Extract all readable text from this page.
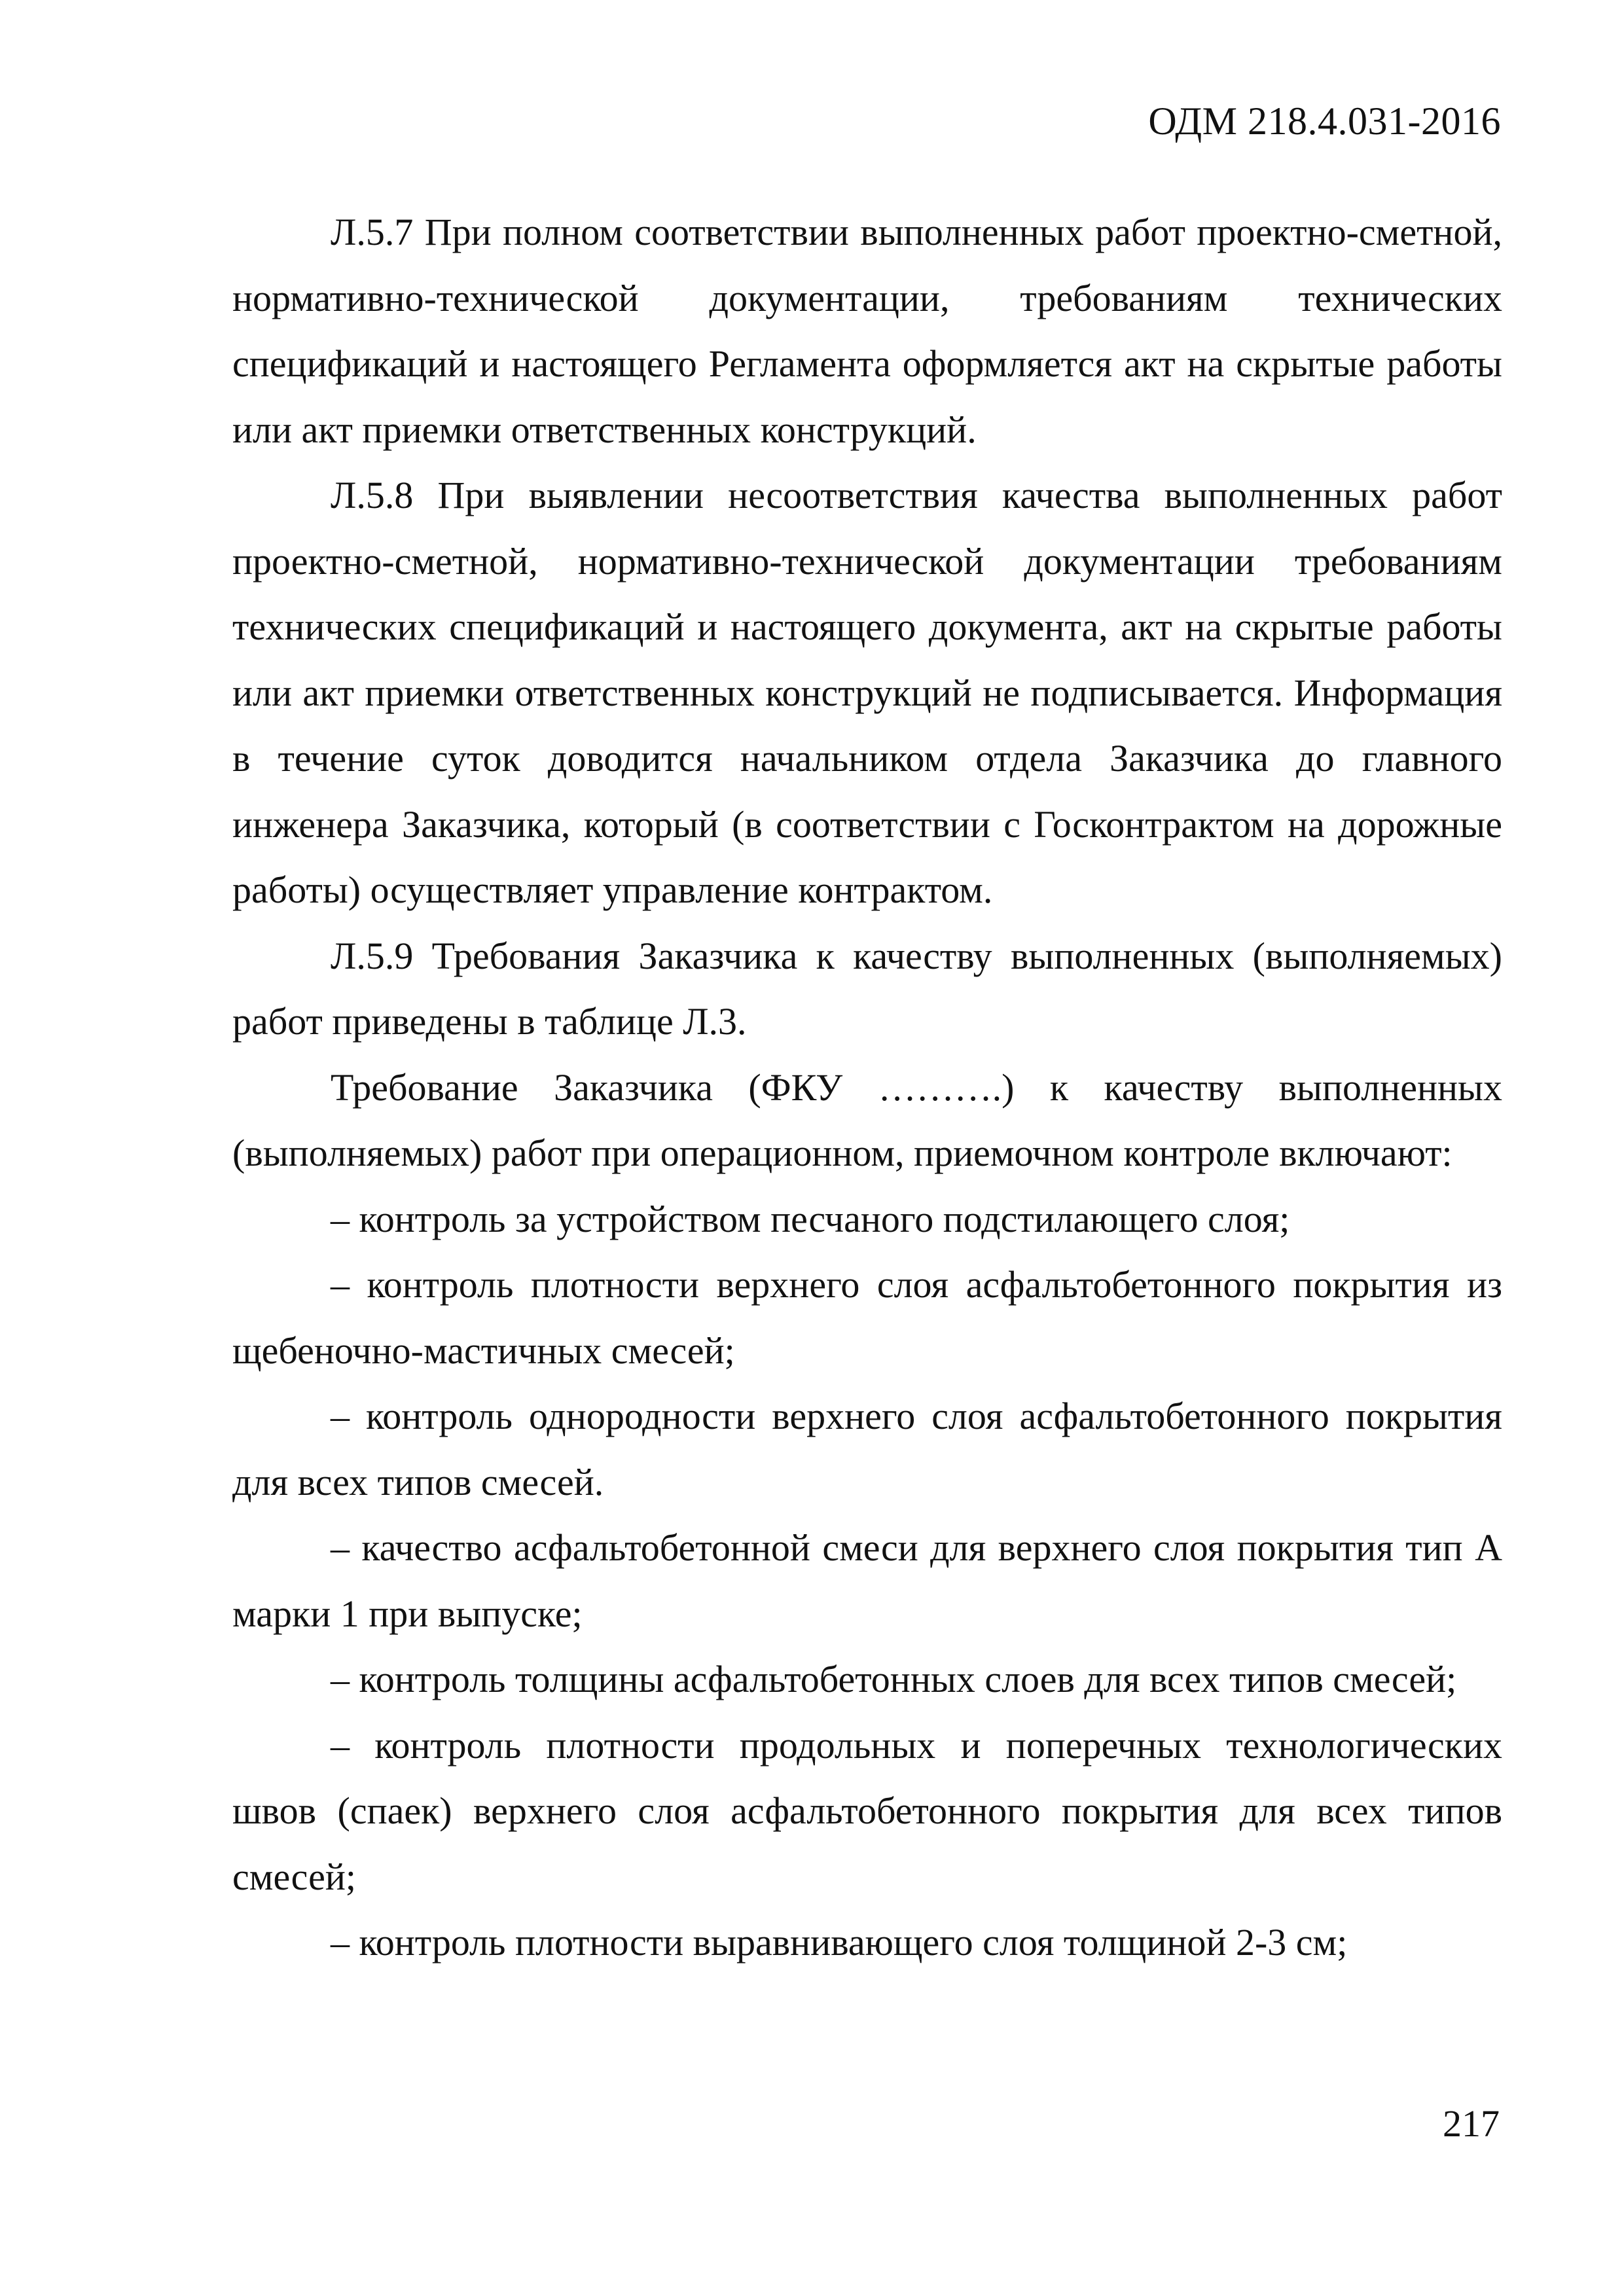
ОДМ 218.4.031-2016

Л.5.7 При полном соответствии выполненных работ проектно-сметной, нормативно-технической документации, требованиям технических спецификаций и настоящего Регламента оформляется акт на скрытые работы или акт приемки ответственных конструкций.

Л.5.8 При выявлении несоответствия качества выполненных работ проектно-сметной, нормативно-технической документации требованиям технических спецификаций и настоящего документа, акт на скрытые работы или акт приемки ответственных конструкций не подписывается. Информация в течение суток доводится начальником отдела Заказчика до главного инженера Заказчика, который (в соответствии с Госконтрактом на дорожные работы) осуществляет управление контрактом.

Л.5.9 Требования Заказчика к качеству выполненных (выполняемых) работ приведены в таблице Л.3.

Требование Заказчика (ФКУ ……….) к качеству выполненных (выполняемых) работ при операционном, приемочном контроле включают:

– контроль за устройством песчаного подстилающего слоя;

– контроль плотности верхнего слоя асфальтобетонного покрытия из щебеночно-мастичных смесей;

– контроль однородности верхнего слоя асфальтобетонного покрытия для всех типов смесей.

– качество асфальтобетонной смеси для верхнего слоя покрытия тип А марки 1 при выпуске;

– контроль толщины асфальтобетонных слоев для всех типов смесей;

– контроль плотности продольных и поперечных технологических швов (спаек) верхнего слоя асфальтобетонного покрытия для всех типов смесей;

– контроль плотности выравнивающего слоя толщиной 2-3 см;

217
